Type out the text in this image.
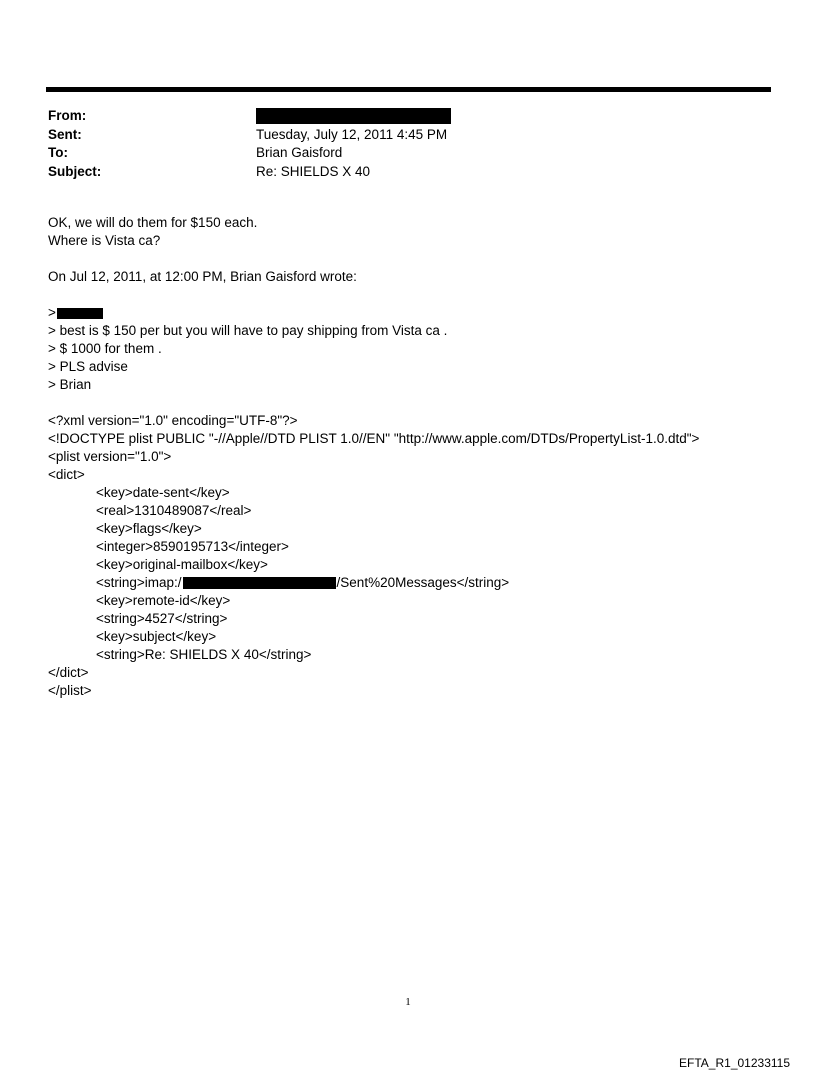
From:
Sent:	Tuesday, July 12, 2011 4:45 PM
To:	Brian Gaisford
Subject:	Re: SHIELDS X 40
OK, we will do them for $150 each.
Where is Vista ca?
On Jul 12, 2011, at 12:00 PM, Brian Gaisford wrote:
>
> best is $ 150 per but you will have to pay shipping from Vista ca .
> $ 1000 for them .
> PLS advise
> Brian
<?xml version="1.0" encoding="UTF-8"?>
<!DOCTYPE plist PUBLIC "-//Apple//DTD PLIST 1.0//EN" "http://www.apple.com/DTDs/PropertyList-1.0.dtd">
<plist version="1.0">
<dict>
<key>date-sent</key>
<real>1310489087</real>
<key>flags</key>
<integer>8590195713</integer>
<key>original-mailbox</key>
<string>imap:/	/Sent%20Messages</string>
<key>remote-id</key>
<string>4527</string>
<key>subject</key>
<string>Re: SHIELDS X 40</string>
</dict>
</plist>
1
EFTA_R1_01233115
